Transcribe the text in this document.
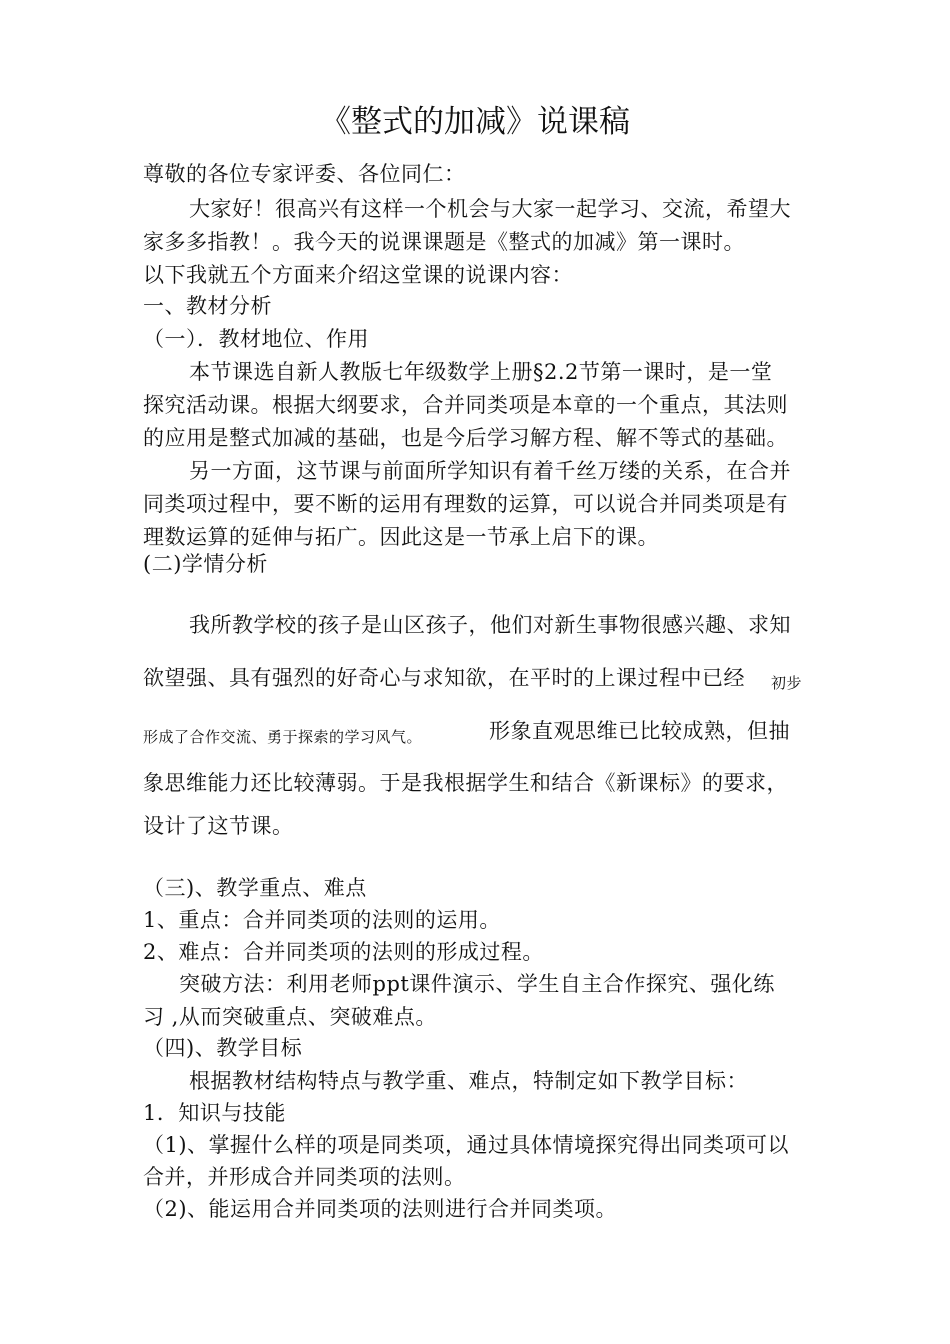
《整式的加减》说课稿
尊敬的各位专家评委、各位同仁：
大家好！很高兴有这样一个机会与大家一起学习、交流，希望大
家多多指教！。我今天的说课课题是《整式的加减》第一课时。
以下我就五个方面来介绍这堂课的说课内容：
一、教材分析
（一）．教材地位、作用
本节课选自新人教版七年级数学上册§2.2节第一课时，是一堂
探究活动课。根据大纲要求，合并同类项是本章的一个重点，其法则
的应用是整式加减的基础，也是今后学习解方程、解不等式的基础。
另一方面，这节课与前面所学知识有着千丝万缕的关系，在合并
同类项过程中，要不断的运用有理数的运算，可以说合并同类项是有
理数运算的延伸与拓广。因此这是一节承上启下的课。
(二)学情分析
我所教学校的孩子是山区孩子，他们对新生事物很感兴趣、求知
欲望强、具有强烈的好奇心与求知欲，在平时的上课过程中已经 初步
形成了合作交流、勇于探索的学习风气。	形象直观思维已比较成熟，但抽
象思维能力还比较薄弱。于是我根据学生和结合《新课标》的要求，
设计了这节课。
（三)、教学重点、难点
1、重点：合并同类项的法则的运用。
2、难点：合并同类项的法则的形成过程。
突破方法：利用老师ppt课件演示、学生自主合作探究、强化练
习 ,从而突破重点、突破难点。
（四)、教学目标
根据教材结构特点与教学重、难点，特制定如下教学目标：
1．知识与技能
（1)、掌握什么样的项是同类项，通过具体情境探究得出同类项可以
合并，并形成合并同类项的法则。
（2)、能运用合并同类项的法则进行合并同类项。
